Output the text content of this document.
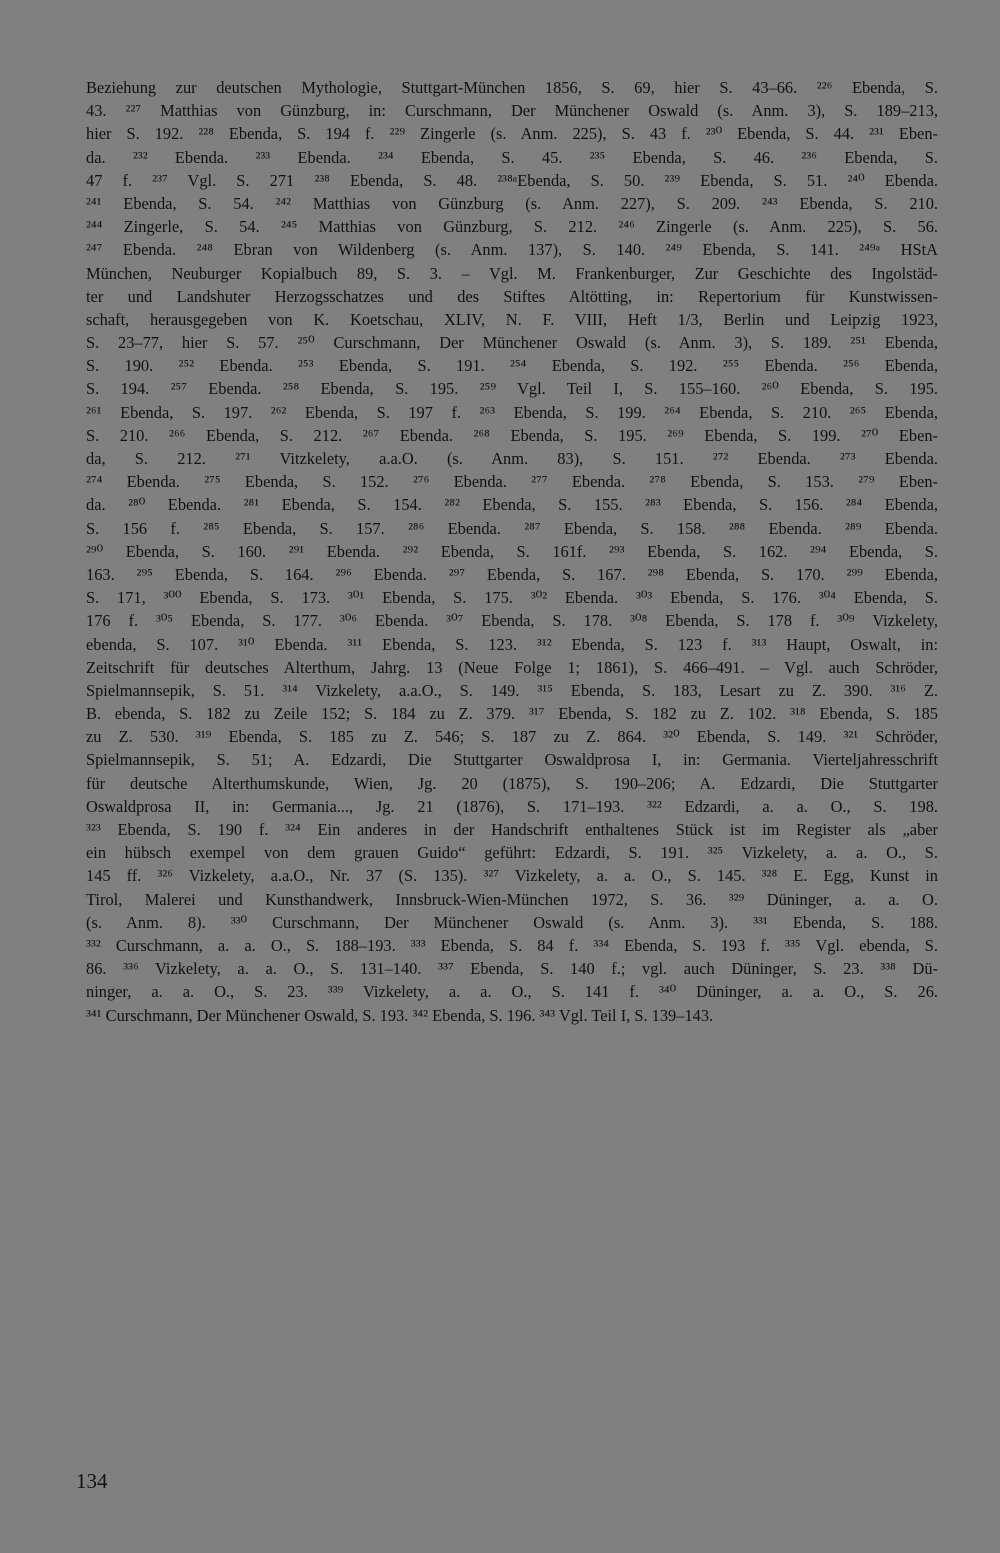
Beziehung zur deutschen Mythologie, Stuttgart-München 1856, S. 69, hier S. 43–66. ²²⁶ Ebenda, S.
43. ²²⁷ Matthias von Günzburg, in: Curschmann, Der Münchener Oswald (s. Anm. 3), S. 189–213,
hier S. 192. ²²⁸ Ebenda, S. 194 f. ²²⁹ Zingerle (s. Anm. 225), S. 43 f. ²³⁰ Ebenda, S. 44. ²³¹ Eben-
da. ²³² Ebenda. ²³³ Ebenda. ²³⁴ Ebenda, S. 45. ²³⁵ Ebenda, S. 46. ²³⁶ Ebenda, S.
47 f. ²³⁷ Vgl. S. 271 ²³⁸ Ebenda, S. 48. ²³⁸ᵃEbenda, S. 50. ²³⁹ Ebenda, S. 51. ²⁴⁰ Ebenda.
²⁴¹ Ebenda, S. 54. ²⁴² Matthias von Günzburg (s. Anm. 227), S. 209. ²⁴³ Ebenda, S. 210.
²⁴⁴ Zingerle, S. 54. ²⁴⁵ Matthias von Günzburg, S. 212. ²⁴⁶ Zingerle (s. Anm. 225), S. 56.
²⁴⁷ Ebenda. ²⁴⁸ Ebran von Wildenberg (s. Anm. 137), S. 140. ²⁴⁹ Ebenda, S. 141. ²⁴⁹ᵃ HStA
München, Neuburger Kopialbuch 89, S. 3. – Vgl. M. Frankenburger, Zur Geschichte des Ingolstäd-
ter und Landshuter Herzogsschatzes und des Stiftes Altötting, in: Repertorium für Kunstwissen-
schaft, herausgegeben von K. Koetschau, XLIV, N. F. VIII, Heft 1/3, Berlin und Leipzig 1923,
S. 23–77, hier S. 57. ²⁵⁰ Curschmann, Der Münchener Oswald (s. Anm. 3), S. 189. ²⁵¹ Ebenda,
S. 190. ²⁵² Ebenda. ²⁵³ Ebenda, S. 191. ²⁵⁴ Ebenda, S. 192. ²⁵⁵ Ebenda. ²⁵⁶ Ebenda,
S. 194. ²⁵⁷ Ebenda. ²⁵⁸ Ebenda, S. 195. ²⁵⁹ Vgl. Teil I, S. 155–160. ²⁶⁰ Ebenda, S. 195.
²⁶¹ Ebenda, S. 197. ²⁶² Ebenda, S. 197 f. ²⁶³ Ebenda, S. 199. ²⁶⁴ Ebenda, S. 210. ²⁶⁵ Ebenda,
S. 210. ²⁶⁶ Ebenda, S. 212. ²⁶⁷ Ebenda. ²⁶⁸ Ebenda, S. 195. ²⁶⁹ Ebenda, S. 199. ²⁷⁰ Eben-
da, S. 212. ²⁷¹ Vitzkelety, a.a.O. (s. Anm. 83), S. 151. ²⁷² Ebenda. ²⁷³ Ebenda.
²⁷⁴ Ebenda. ²⁷⁵ Ebenda, S. 152. ²⁷⁶ Ebenda. ²⁷⁷ Ebenda. ²⁷⁸ Ebenda, S. 153. ²⁷⁹ Eben-
da. ²⁸⁰ Ebenda. ²⁸¹ Ebenda, S. 154. ²⁸² Ebenda, S. 155. ²⁸³ Ebenda, S. 156. ²⁸⁴ Ebenda,
S. 156 f. ²⁸⁵ Ebenda, S. 157. ²⁸⁶ Ebenda. ²⁸⁷ Ebenda, S. 158. ²⁸⁸ Ebenda. ²⁸⁹ Ebenda.
²⁹⁰ Ebenda, S. 160. ²⁹¹ Ebenda. ²⁹² Ebenda, S. 161f. ²⁹³ Ebenda, S. 162. ²⁹⁴ Ebenda, S.
163. ²⁹⁵ Ebenda, S. 164. ²⁹⁶ Ebenda. ²⁹⁷ Ebenda, S. 167. ²⁹⁸ Ebenda, S. 170. ²⁹⁹ Ebenda,
S. 171, ³⁰⁰ Ebenda, S. 173. ³⁰¹ Ebenda, S. 175. ³⁰² Ebenda. ³⁰³ Ebenda, S. 176. ³⁰⁴ Ebenda, S.
176 f. ³⁰⁵ Ebenda, S. 177. ³⁰⁶ Ebenda. ³⁰⁷ Ebenda, S. 178. ³⁰⁸ Ebenda, S. 178 f. ³⁰⁹ Vizkelety,
ebenda, S. 107. ³¹⁰ Ebenda. ³¹¹ Ebenda, S. 123. ³¹² Ebenda, S. 123 f. ³¹³ Haupt, Oswalt, in:
Zeitschrift für deutsches Alterthum, Jahrg. 13 (Neue Folge 1; 1861), S. 466–491. – Vgl. auch Schröder,
Spielmannsepik, S. 51. ³¹⁴ Vizkelety, a.a.O., S. 149. ³¹⁵ Ebenda, S. 183, Lesart zu Z. 390. ³¹⁶ Z.
B. ebenda, S. 182 zu Zeile 152; S. 184 zu Z. 379. ³¹⁷ Ebenda, S. 182 zu Z. 102. ³¹⁸ Ebenda, S. 185
zu Z. 530. ³¹⁹ Ebenda, S. 185 zu Z. 546; S. 187 zu Z. 864. ³²⁰ Ebenda, S. 149. ³²¹ Schröder,
Spielmannsepik, S. 51; A. Edzardi, Die Stuttgarter Oswaldprosa I, in: Germania. Vierteljahresschrift
für deutsche Alterthumskunde, Wien, Jg. 20 (1875), S. 190–206; A. Edzardi, Die Stuttgarter
Oswaldprosa II, in: Germania..., Jg. 21 (1876), S. 171–193. ³²² Edzardi, a. a. O., S. 198.
³²³ Ebenda, S. 190 f. ³²⁴ Ein anderes in der Handschrift enthaltenes Stück ist im Register als „aber
ein hübsch exempel von dem grauen Guido“ geführt: Edzardi, S. 191. ³²⁵ Vizkelety, a. a. O., S.
145 ff. ³²⁶ Vizkelety, a.a.O., Nr. 37 (S. 135). ³²⁷ Vizkelety, a. a. O., S. 145. ³²⁸ E. Egg, Kunst in
Tirol, Malerei und Kunsthandwerk, Innsbruck-Wien-München 1972, S. 36. ³²⁹ Düninger, a. a. O.
(s. Anm. 8). ³³⁰ Curschmann, Der Münchener Oswald (s. Anm. 3). ³³¹ Ebenda, S. 188.
³³² Curschmann, a. a. O., S. 188–193. ³³³ Ebenda, S. 84 f. ³³⁴ Ebenda, S. 193 f. ³³⁵ Vgl. ebenda, S.
86. ³³⁶ Vizkelety, a. a. O., S. 131–140. ³³⁷ Ebenda, S. 140 f.; vgl. auch Düninger, S. 23. ³³⁸ Dü-
ninger, a. a. O., S. 23. ³³⁹ Vizkelety, a. a. O., S. 141 f. ³⁴⁰ Düninger, a. a. O., S. 26.
³⁴¹ Curschmann, Der Münchener Oswald, S. 193. ³⁴² Ebenda, S. 196. ³⁴³ Vgl. Teil I, S. 139–143.
134
